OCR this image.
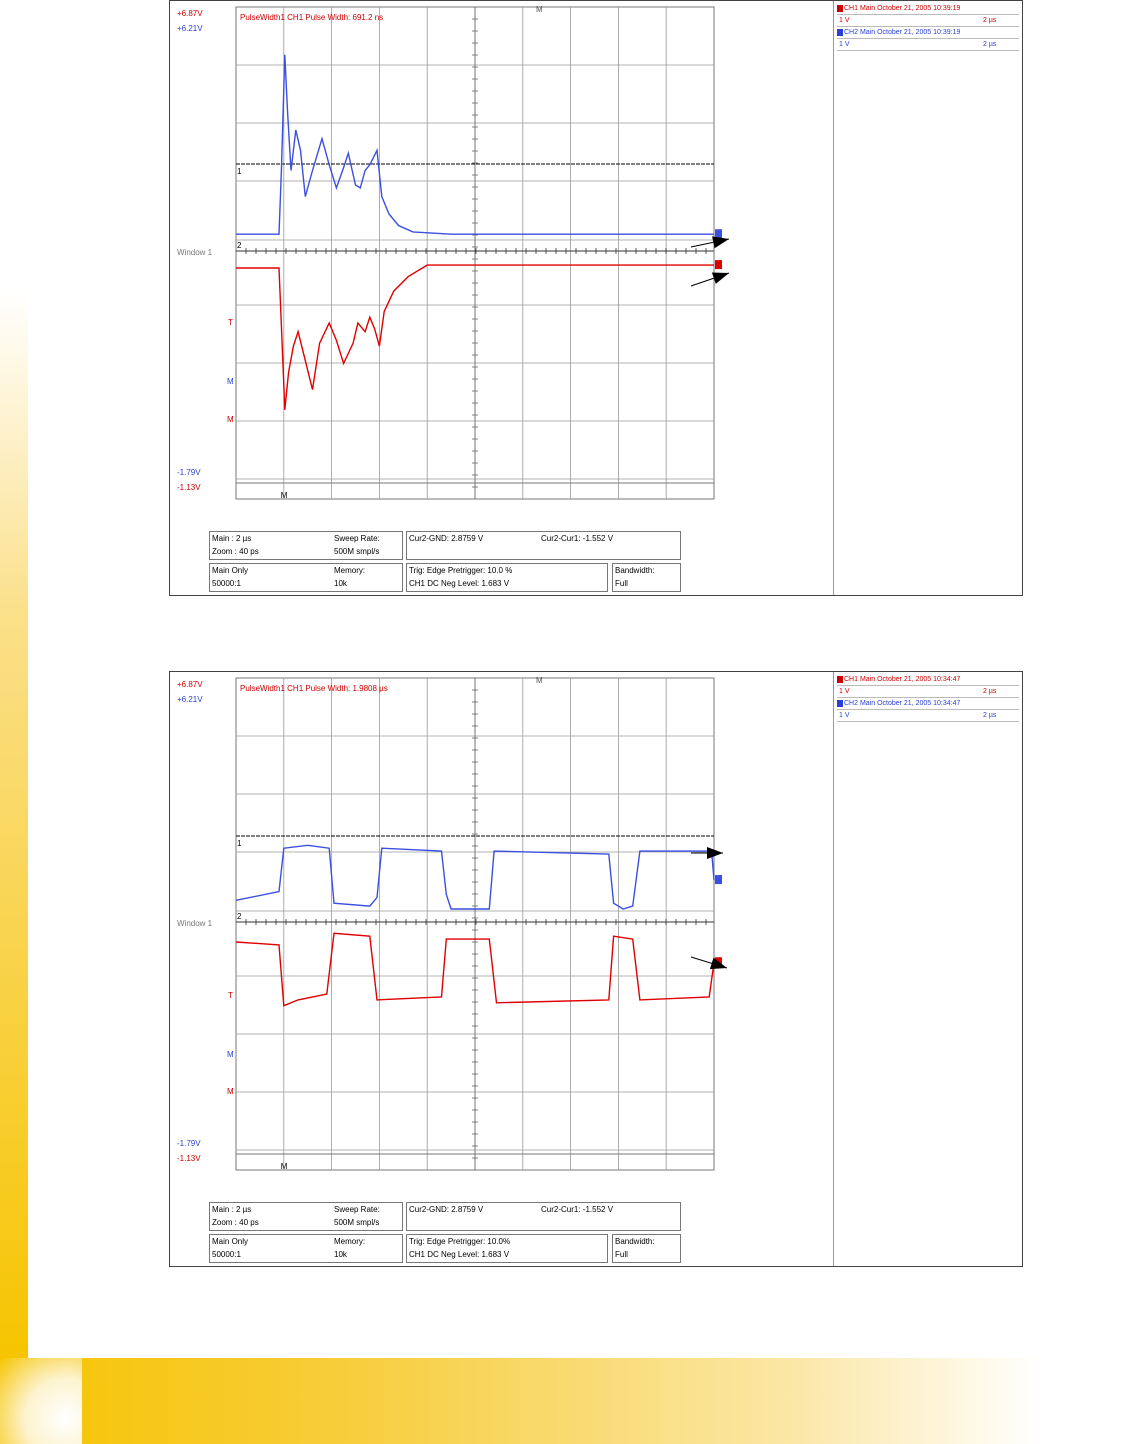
PulseWidth1 CH1 Pulse Width: 691.2 ns
+6.87V
+6.21V
-1.79V
-1.13V
Window 1
1
2
T
M
M
M
M	CH1 Main October 21, 2005 10:39:19
1 V	2 µs
CH2 Main October 21, 2005 10:39:19
1 V	2 µs
Main : 2 µs
Zoom : 40 ps
Sweep Rate:
500M smpl/s
Cur2-GND: 2.8759 V	Cur2-Cur1: -1.552 V
Main Only
50000:1
Memory:
10k
Trig: Edge Pretrigger: 10.0 %
CH1 DC Neg Level: 1.683 V
Bandwidth:
Full
PulseWidth1 CH1 Pulse Width: 1.9808 µs
+6.87V
+6.21V
-1.79V
-1.13V
Window 1
1
2
T
M
M
M
M	CH1 Main October 21, 2005 10:34:47
1 V	2 µs
CH2 Main October 21, 2005 10:34:47
1 V	2 µs
Main : 2 µs
Zoom : 40 ps
Sweep Rate:
500M smpl/s
Cur2-GND: 2.8759 V	Cur2-Cur1: -1.552 V
Main Only
50000:1
Memory:
10k
Trig: Edge Pretrigger: 10.0%
CH1 DC Neg Level: 1.683 V
Bandwidth:
Full
